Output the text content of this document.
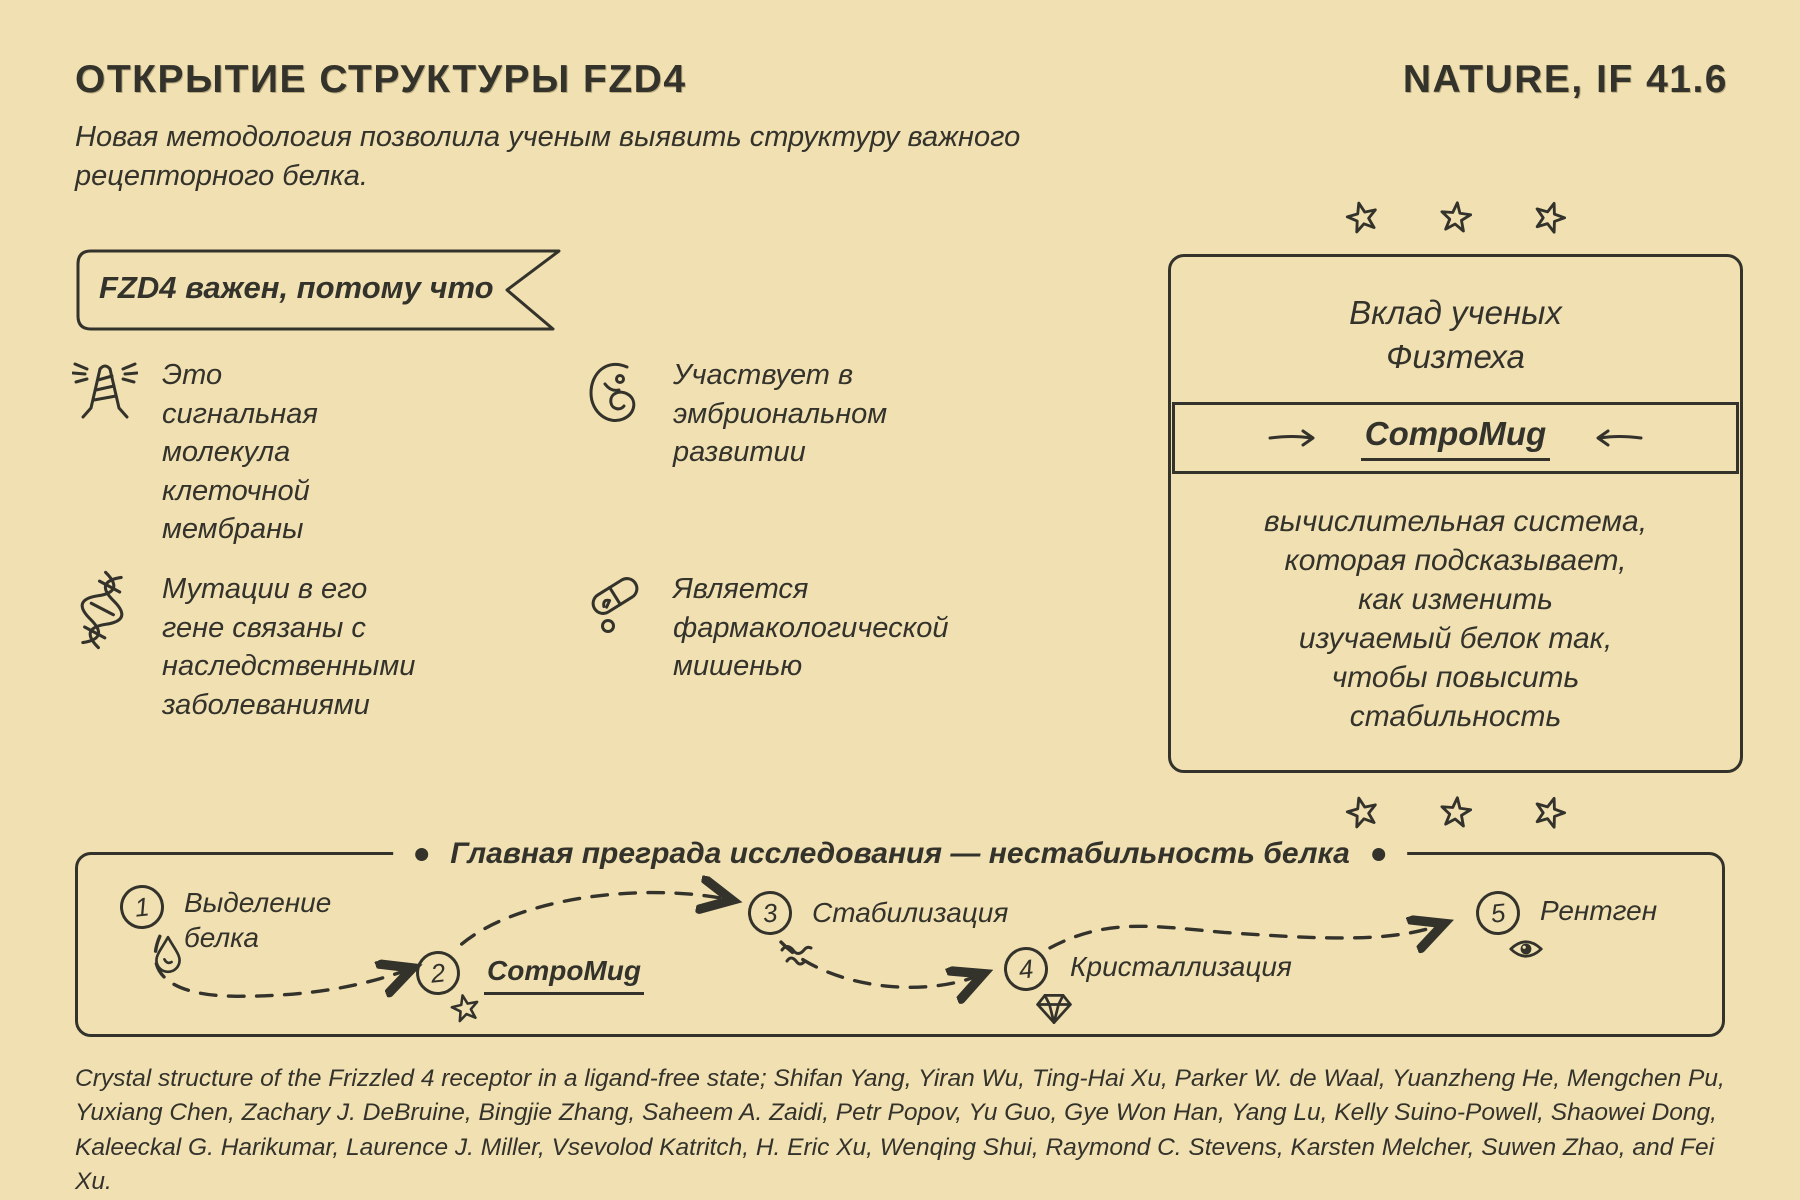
ОТКРЫТИЕ СТРУКТУРЫ FZD4	NATURE, IF 41.6

Новая методология позволила ученым выявить структуру важного рецепторного белка.

FZD4 важен, потому что
Это сигнальная молекула клеточной мембраны
Участвует в эмбриональном развитии
Мутации в его гене связаны с наследственными заболеваниями
Является фармакологической мишенью
Вклад ученых
Физтеха
CompoMug
вычислительная система,
которая подсказывает,
как изменить
изучаемый белок так,
чтобы повысить
стабильность
Главная преграда исследования — нестабильность белка
1	Выделение белка
2	CompoMug
3	Стабилизация
4	Кристаллизация
5	Рентген

Crystal structure of the Frizzled 4 receptor in a ligand-free state; Shifan Yang, Yiran Wu, Ting-Hai Xu, Parker W. de Waal, Yuanzheng He, Mengchen Pu, Yuxiang Chen, Zachary J. DeBruine, Bingjie Zhang, Saheem A. Zaidi, Petr Popov, Yu Guo, Gye Won Han, Yang Lu, Kelly Suino-Powell, Shaowei Dong, Kaleeckal G. Harikumar, Laurence J. Miller, Vsevolod Katritch, H. Eric Xu, Wenqing Shui, Raymond C. Stevens, Karsten Melcher, Suwen Zhao, and Fei Xu.
